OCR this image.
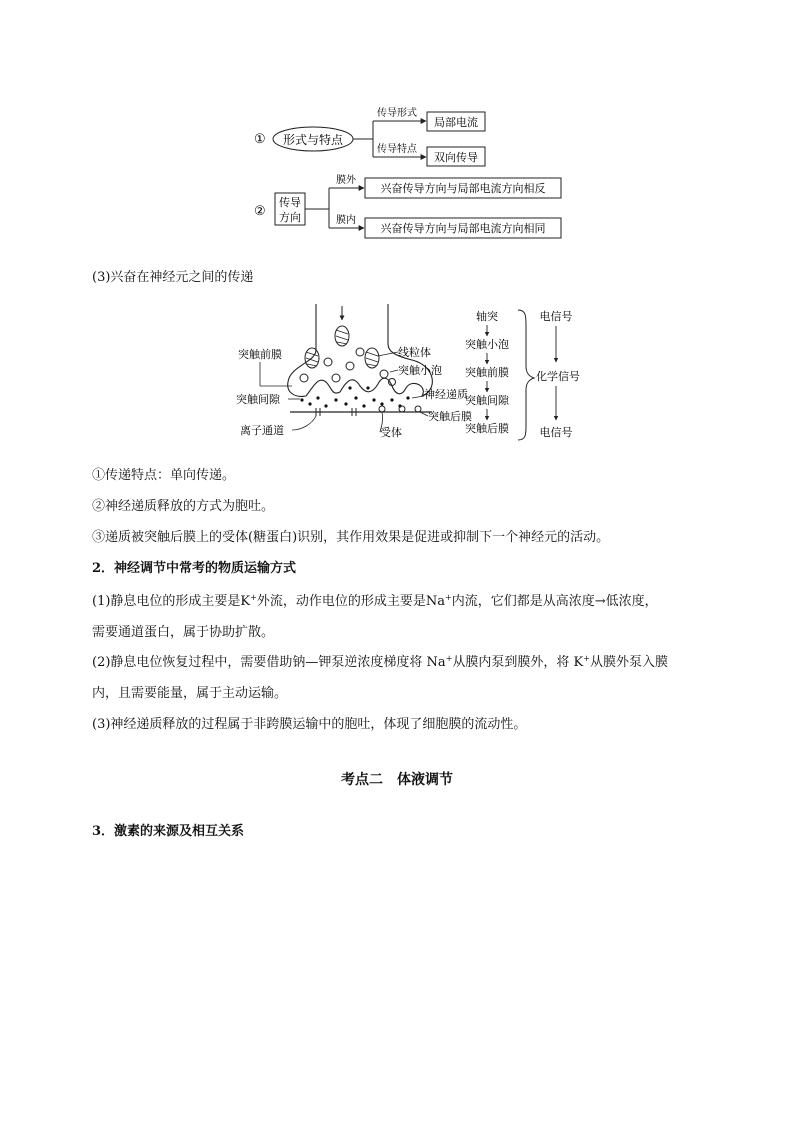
① 形式与特点
传导形式
传导特点
局部电流
双向传导
②
传导
方向
膜外
膜内
兴奋传导方向与局部电流方向相反
兴奋传导方向与局部电流方向相同
(3)兴奋在神经元之间的传递
突触前膜
突触间隙
离子通道
线粒体
突触小泡
神经递质
突触后膜
受体
轴突
突触小泡
突触前膜
突触间隙
突触后膜
电信号
化学信号
电信号
①传递特点：单向传递。
②神经递质释放的方式为胞吐。
③递质被突触后膜上的受体(糖蛋白)识别，其作用效果是促进或抑制下一个神经元的活动。
2．神经调节中常考的物质运输方式
(1)静息电位的形成主要是K+外流，动作电位的形成主要是Na+内流，它们都是从高浓度→低浓度，
需要通道蛋白，属于协助扩散。
(2)静息电位恢复过程中，需要借助钠—钾泵逆浓度梯度将 Na+从膜内泵到膜外，将 K+从膜外泵入膜
内，且需要能量，属于主动运输。
(3)神经递质释放的过程属于非跨膜运输中的胞吐，体现了细胞膜的流动性。
考点二　体液调节
3．激素的来源及相互关系
